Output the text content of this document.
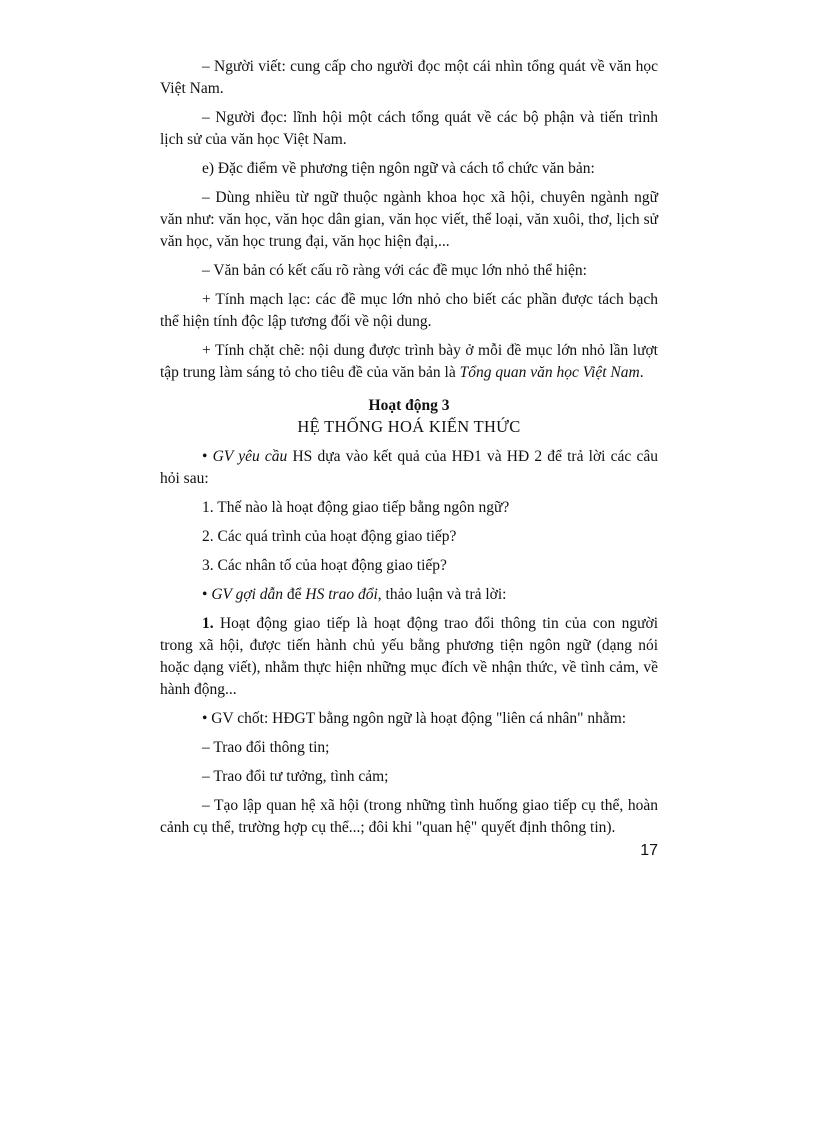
– Người viết: cung cấp cho người đọc một cái nhìn tổng quát về văn học Việt Nam.

– Người đọc: lĩnh hội một cách tổng quát về các bộ phận và tiến trình lịch sử của văn học Việt Nam.

e) Đặc điểm về phương tiện ngôn ngữ và cách tổ chức văn bản:

– Dùng nhiều từ ngữ thuộc ngành khoa học xã hội, chuyên ngành ngữ văn như: văn học, văn học dân gian, văn học viết, thể loại, văn xuôi, thơ, lịch sử văn học, văn học trung đại, văn học hiện đại,...

– Văn bản có kết cấu rõ ràng với các đề mục lớn nhỏ thể hiện:

+ Tính mạch lạc: các đề mục lớn nhỏ cho biết các phần được tách bạch thể hiện tính độc lập tương đối về nội dung.

+ Tính chặt chẽ: nội dung được trình bày ở mỗi đề mục lớn nhỏ lần lượt tập trung làm sáng tỏ cho tiêu đề của văn bản là Tổng quan văn học Việt Nam.

Hoạt động 3
HỆ THỐNG HOÁ KIẾN THỨC

• GV yêu cầu HS dựa vào kết quả của HĐ1 và HĐ 2 để trả lời các câu hỏi sau:

1. Thế nào là hoạt động giao tiếp bằng ngôn ngữ?

2. Các quá trình của hoạt động giao tiếp?

3. Các nhân tố của hoạt động giao tiếp?

• GV gợi dẫn để HS trao đổi, thảo luận và trả lời:

1. Hoạt động giao tiếp là hoạt động trao đổi thông tin của con người trong xã hội, được tiến hành chủ yếu bằng phương tiện ngôn ngữ (dạng nói hoặc dạng viết), nhằm thực hiện những mục đích về nhận thức, về tình cảm, về hành động...

• GV chốt: HĐGT bằng ngôn ngữ là hoạt động "liên cá nhân" nhằm:

– Trao đổi thông tin;

– Trao đổi tư tưởng, tình cảm;

– Tạo lập quan hệ xã hội (trong những tình huống giao tiếp cụ thể, hoàn cảnh cụ thể, trường hợp cụ thể...; đôi khi "quan hệ" quyết định thông tin).

17
